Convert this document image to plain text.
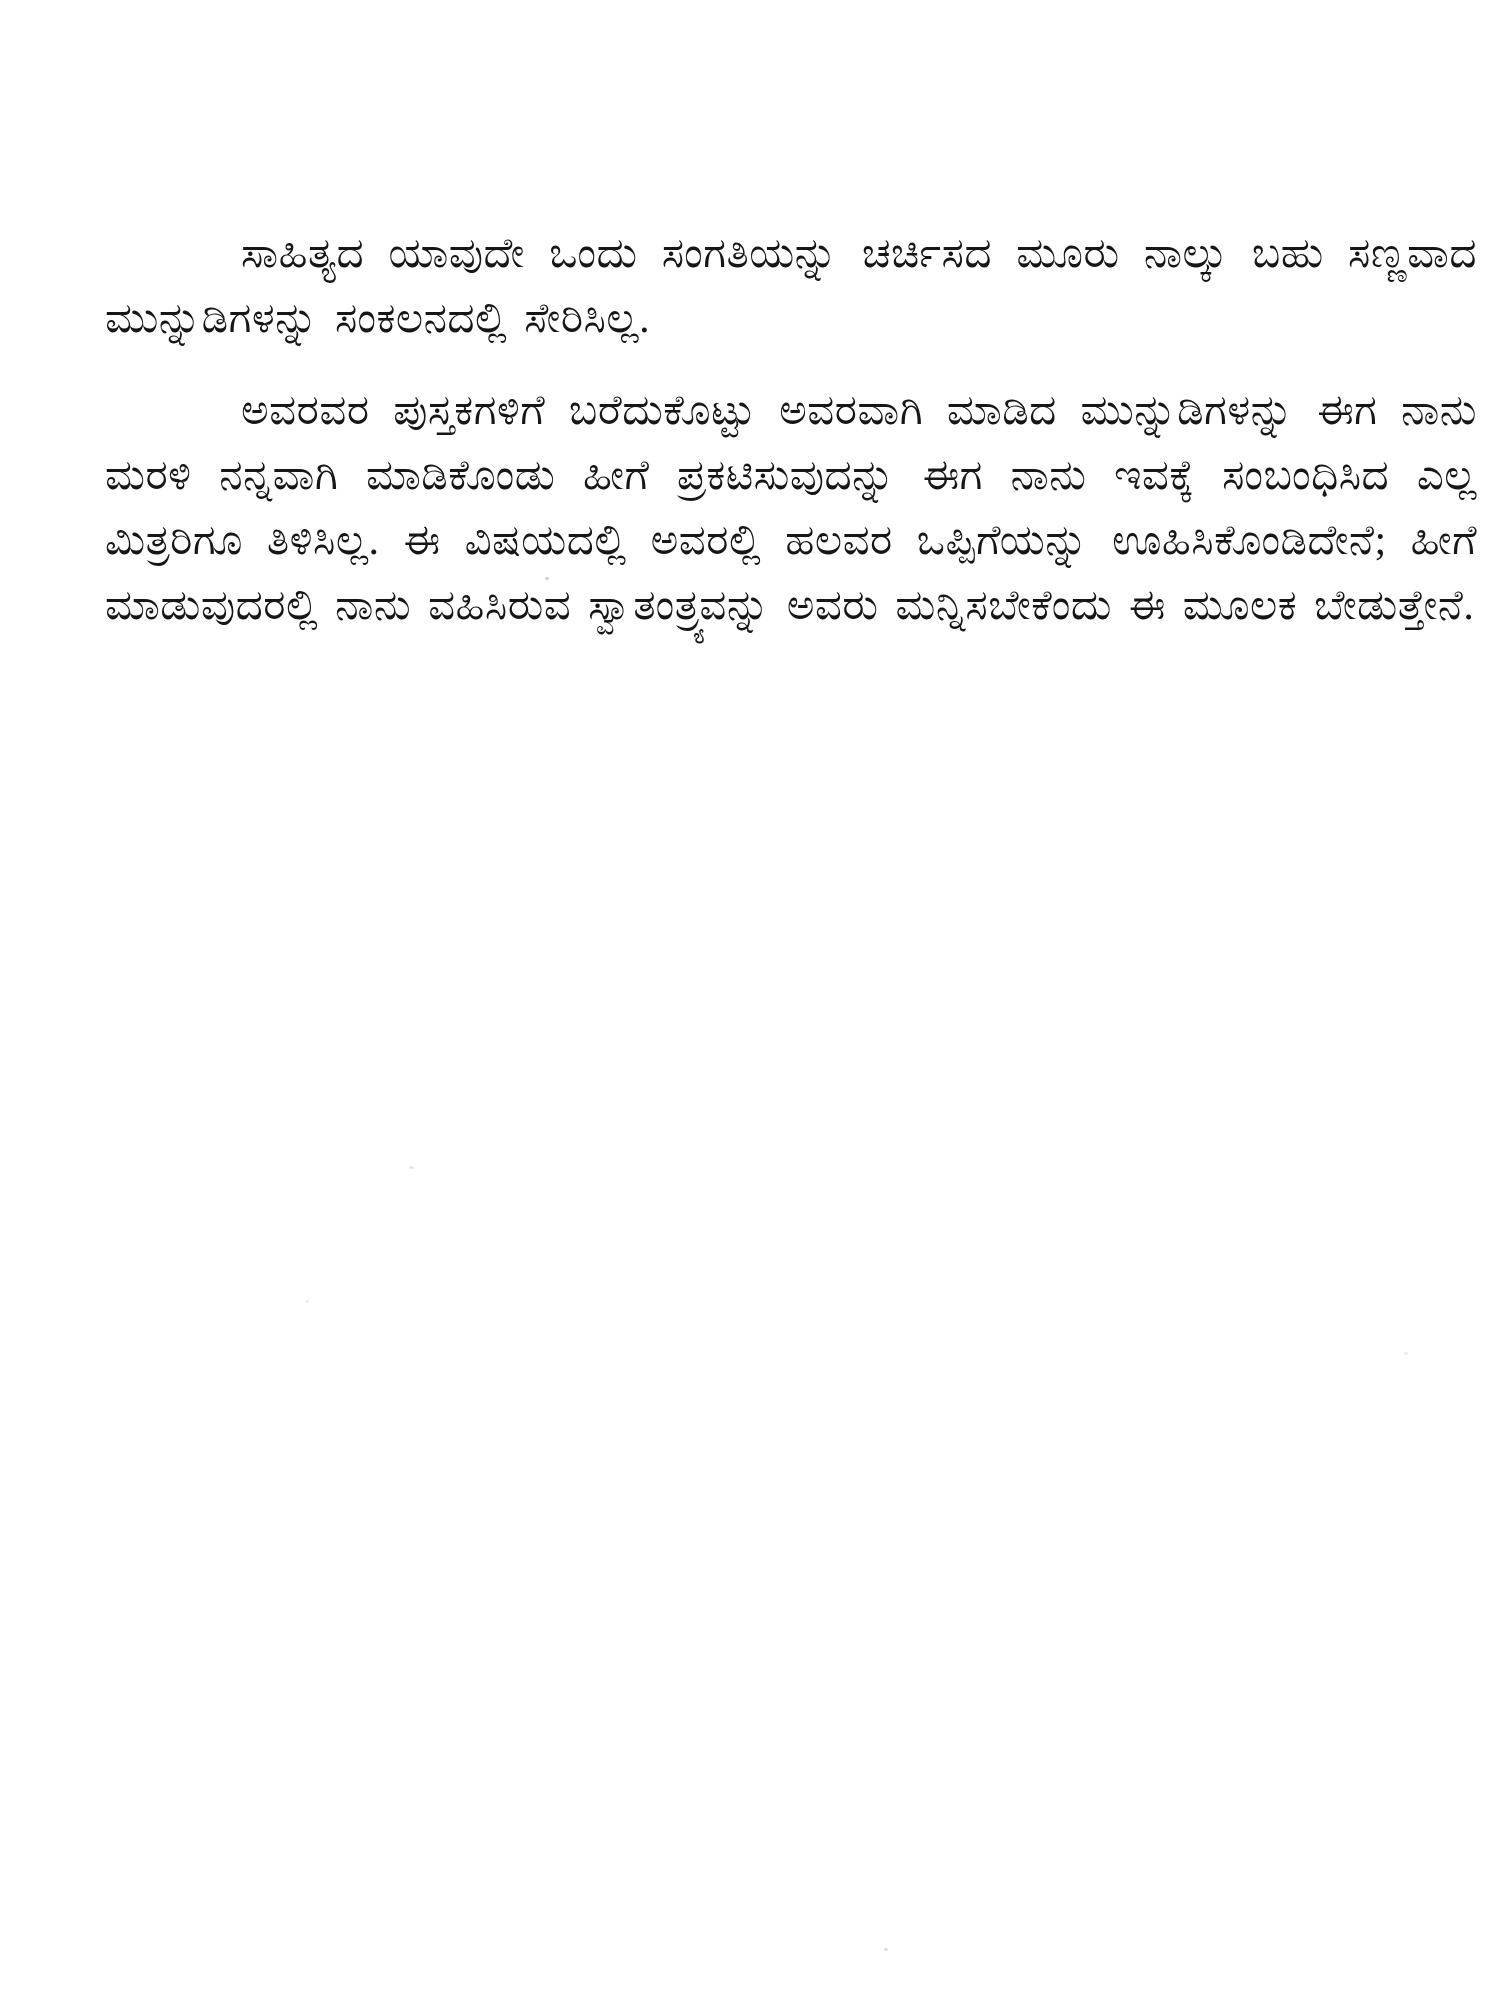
ಸಾಹಿತ್ಯದ ಯಾವುದೇ ಒಂದು ಸಂಗತಿಯನ್ನು ಚರ್ಚಿಸದ ಮೂರು ನಾಲ್ಕು ಬಹು ಸಣ್ಣವಾದ ಮುನ್ನುಡಿಗಳನ್ನು ಸಂಕಲನದಲ್ಲಿ ಸೇರಿಸಿಲ್ಲ.

ಅವರವರ ಪುಸ್ತಕಗಳಿಗೆ ಬರೆದುಕೊಟ್ಟು ಅವರವಾಗಿ ಮಾಡಿದ ಮುನ್ನುಡಿಗಳನ್ನು ಈಗ ನಾನು ಮರಳಿ ನನ್ನವಾಗಿ ಮಾಡಿಕೊಂಡು ಹೀಗೆ ಪ್ರಕಟಿಸುವುದನ್ನು ಈಗ ನಾನು ಇವಕ್ಕೆ ಸಂಬಂಧಿಸಿದ ಎಲ್ಲ ಮಿತ್ರರಿಗೂ ತಿಳಿಸಿಲ್ಲ. ಈ ವಿಷಯದಲ್ಲಿ ಅವರಲ್ಲಿ ಹಲವರ ಒಪ್ಪಿಗೆಯನ್ನು ಊಹಿಸಿಕೊಂಡಿದೇನೆ; ಹೀಗೆ ಮಾಡುವುದರಲ್ಲಿ ನಾನು ವಹಿಸಿರುವ ಸ್ವಾತಂತ್ರ್ಯವನ್ನು ಅವರು ಮನ್ನಿಸಬೇಕೆಂದು ಈ ಮೂಲಕ ಬೇಡುತ್ತೇನೆ.
